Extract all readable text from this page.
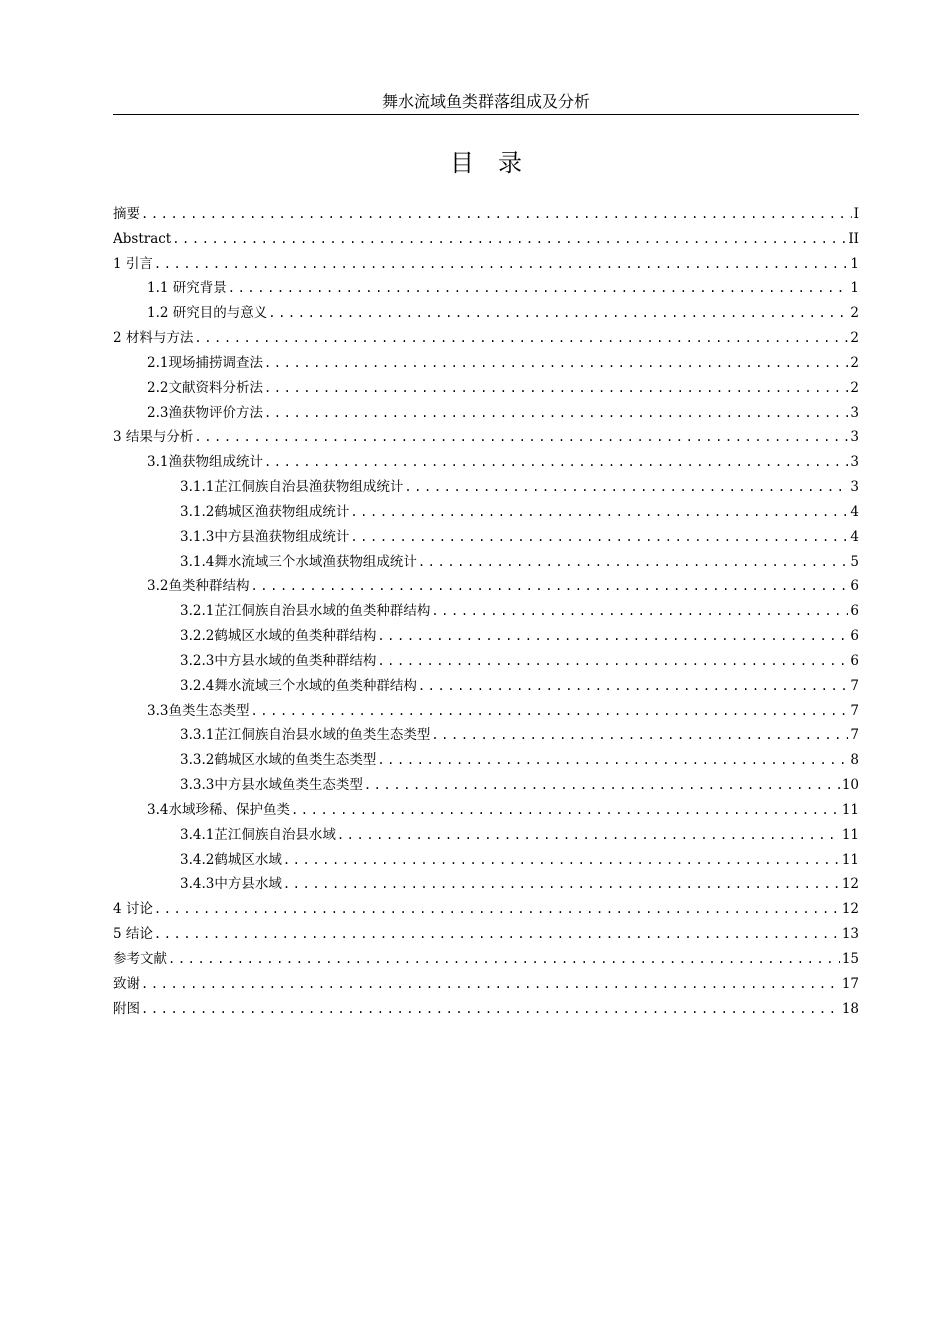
舞水流域鱼类群落组成及分析
目录
摘要 .....	I
Abstract .....	II
1 引言 .....	1
1.1 研究背景 .....	1
1.2 研究目的与意义 .....	2
2 材料与方法 .....	2
2.1现场捕捞调查法 .....	2
2.2文献资料分析法 .....	2
2.3渔获物评价方法 .....	3
3 结果与分析 .....	3
3.1渔获物组成统计 .....	3
3.1.1芷江侗族自治县渔获物组成统计 .....	3
3.1.2鹤城区渔获物组成统计 .....	4
3.1.3中方县渔获物组成统计 .....	4
3.1.4舞水流域三个水域渔获物组成统计 .....	5
3.2鱼类种群结构 .....	6
3.2.1芷江侗族自治县水域的鱼类种群结构 .....	6
3.2.2鹤城区水域的鱼类种群结构 .....	6
3.2.3中方县水域的鱼类种群结构 .....	6
3.2.4舞水流域三个水域的鱼类种群结构 .....	7
3.3鱼类生态类型 .....	7
3.3.1芷江侗族自治县水域的鱼类生态类型 .....	7
3.3.2鹤城区水域的鱼类生态类型 .....	8
3.3.3中方县水域鱼类生态类型 .....	10
3.4水域珍稀、保护鱼类 .....	11
3.4.1芷江侗族自治县水域 .....	11
3.4.2鹤城区水域 .....	11
3.4.3中方县水域 .....	12
4 讨论 .....	12
5 结论 .....	13
参考文献 .....	15
致谢 .....	17
附图 .....	18
